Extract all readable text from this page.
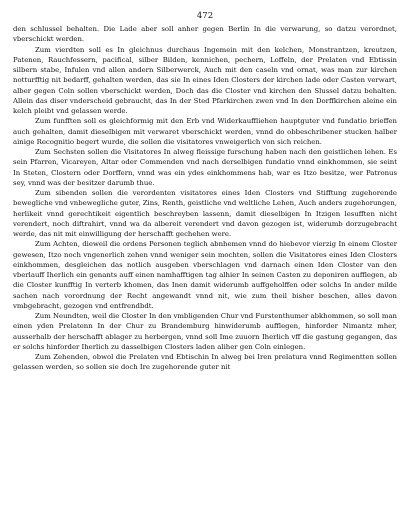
472

den schlussel behalten. Die Lade aber soll anher gegen Berlin In die verwarung, so datzu verordnet, vberschickt werden.

Zum vierdten soll es In gleichnus durchaus Ingemein mit den kelchen, Monstrantzen, kreutzen, Patenen, Rauchfessern, pacifical, silber Bilden, kennichen, pechern, Loffeln, der Prelaten vnd Ebtissin silbern stabe, Infulen vnd allen andern Silberwerck, Auch mit den caseln vnd ornat, was man zur kirchen notturfftig nit bedarff, gehalten werden, das sie In eines Iden Closters der kirchen lade oder Casten verwart, alber gegen Coln sollen vberschickt werden, Doch das die Closter vnd kirchen den Slussel datzu behalten. Allein das diser vnderscheid gebraucht, das In der Sted Pfarkirchen zwen vnd In den Dorffkirchen aleine ein kelch pleibt vnd gelassen werde.

Zum funfften soll es gleichformig mit den Erb vnd Widerkauffliehen hauptguter vnd fundatio brieffen auch gehalten, damit dieselbigen mit verwaret vberschickt werden, vnnd do obbeschribener stucken halber ainige Recognitio begert wurde, die sollen die visitatores vnweigerlich von sich reichen.

Zum Sechsten sollen die Visitatores In alweg fleissige furschung haben nach den geistlichen lehen. Es sein Pfarren, Vicareyen, Altar oder Commenden vnd nach derselbigen fundatio vnnd einkhommen, sie seint In Steten, Clostern oder Dorffern, vnnd was ein ydes einkhommens hab, war es Itzo besitze, wer Patronus sey, vnnd was der besitzer darumb thue.

Zum sibenden sollen die verordenten visitatores eines Iden Closters vnd Stifftung zugehorende bewegliche vnd vnbewegliche guter, Zins, Renth, geistliche vnd weltliche Lehen, Auch anders zugehorungen, herlikeit vnnd gerechtikeit eigentlich beschreyben lassenn, damit dieselbigen In Itzigen lesufften nicht verendert, noch diftrahirt, vnnd wa da albereit verendert vnd davon gezogen ist, widerumb dorzugebracht werde, das nit mit einwilligung der herschafft gechehen were.

Zum Achten, dieweil die ordens Personen teglich abnhemen vnnd do hiebevor vierzig In einem Closter gewesen, Itzo noch vngenerlich zehen vnnd weniger sein mochten, sollen die Visitatores eines Iden Closters einkhommen, desgleichen das notlich ausgeben vberschlagen vnd darnach einen Iden Closter van den vberlauff Iherlich ein genants auff einen namhafftigen tag alhier In seinen Casten zu deponiren aufflegen, ab die Closter kunfftig In verterb khomen, das Inen damit widerumb auffgeholffen oder solchs In ander milde sachen nach vorordnung der Recht angewandt vnnd nit, wie zum theil bisher beschen, alles davon vmbgebracht, gezogen vnd entfrendbdt.

Zum Neundten, weil die Closter In den vmbligenden Chur vnd Furstenthumer abkhommen, so soll man einen yden Prelatenn In der Chur zu Brandemburg hinwiderumb aufflegen, hinforder Nimantz mher, ausserhalb der herschafft ablager zu herbergen, vnnd soll Ime zuuorn Iherlich vff die gastung gegangen, das er solchs hinforder Iherlich zu dasselbigen Closters laden aliher gen Coln einlegen.

Zum Zehenden, obwol die Prelaten vnd Ebtischin In alweg bei Iren prelatura vnnd Regimentten sollen gelassen werden, so sollen sie doch Ire zugehorende guter nit
